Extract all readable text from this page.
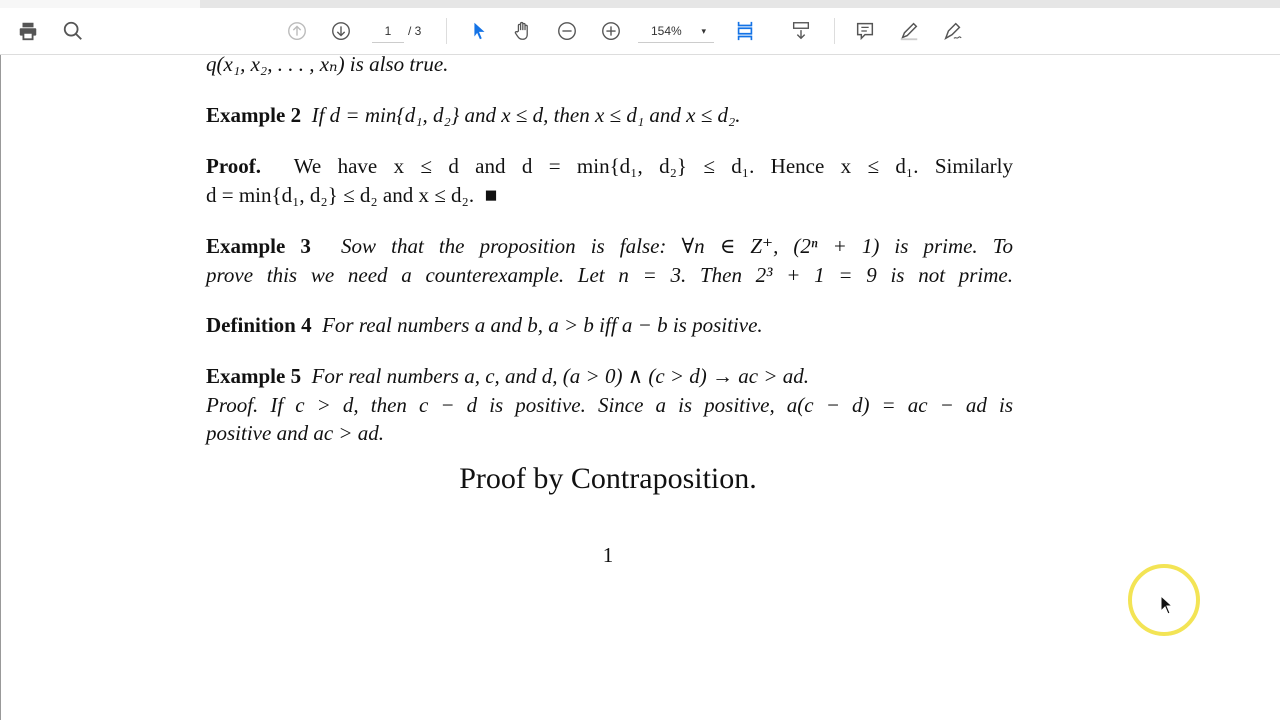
1	/ 3	154% ▾
q(x₁, x₂, . . . , xₙ) is also true.
Example 2 If d = min{d₁, d₂} and x ≤ d, then x ≤ d₁ and x ≤ d₂.
Proof. We have x ≤ d and d = min{d₁, d₂} ≤ d₁. Hence x ≤ d₁. Similarly
d = min{d₁, d₂} ≤ d₂ and x ≤ d₂. ■
Example 3 Sow that the proposition is false: ∀n ∈ Z⁺, (2ⁿ + 1) is prime. To
prove this we need a counterexample. Let n = 3. Then 2³ + 1 = 9 is not prime.
Definition 4 For real numbers a and b, a > b iff a − b is positive.
Example 5 For real numbers a, c, and d, (a > 0) ∧ (c > d) → ac > ad.
Proof. If c > d, then c − d is positive. Since a is positive, a(c − d) = ac − ad is
positive and ac > ad.
Proof by Contraposition.
1
